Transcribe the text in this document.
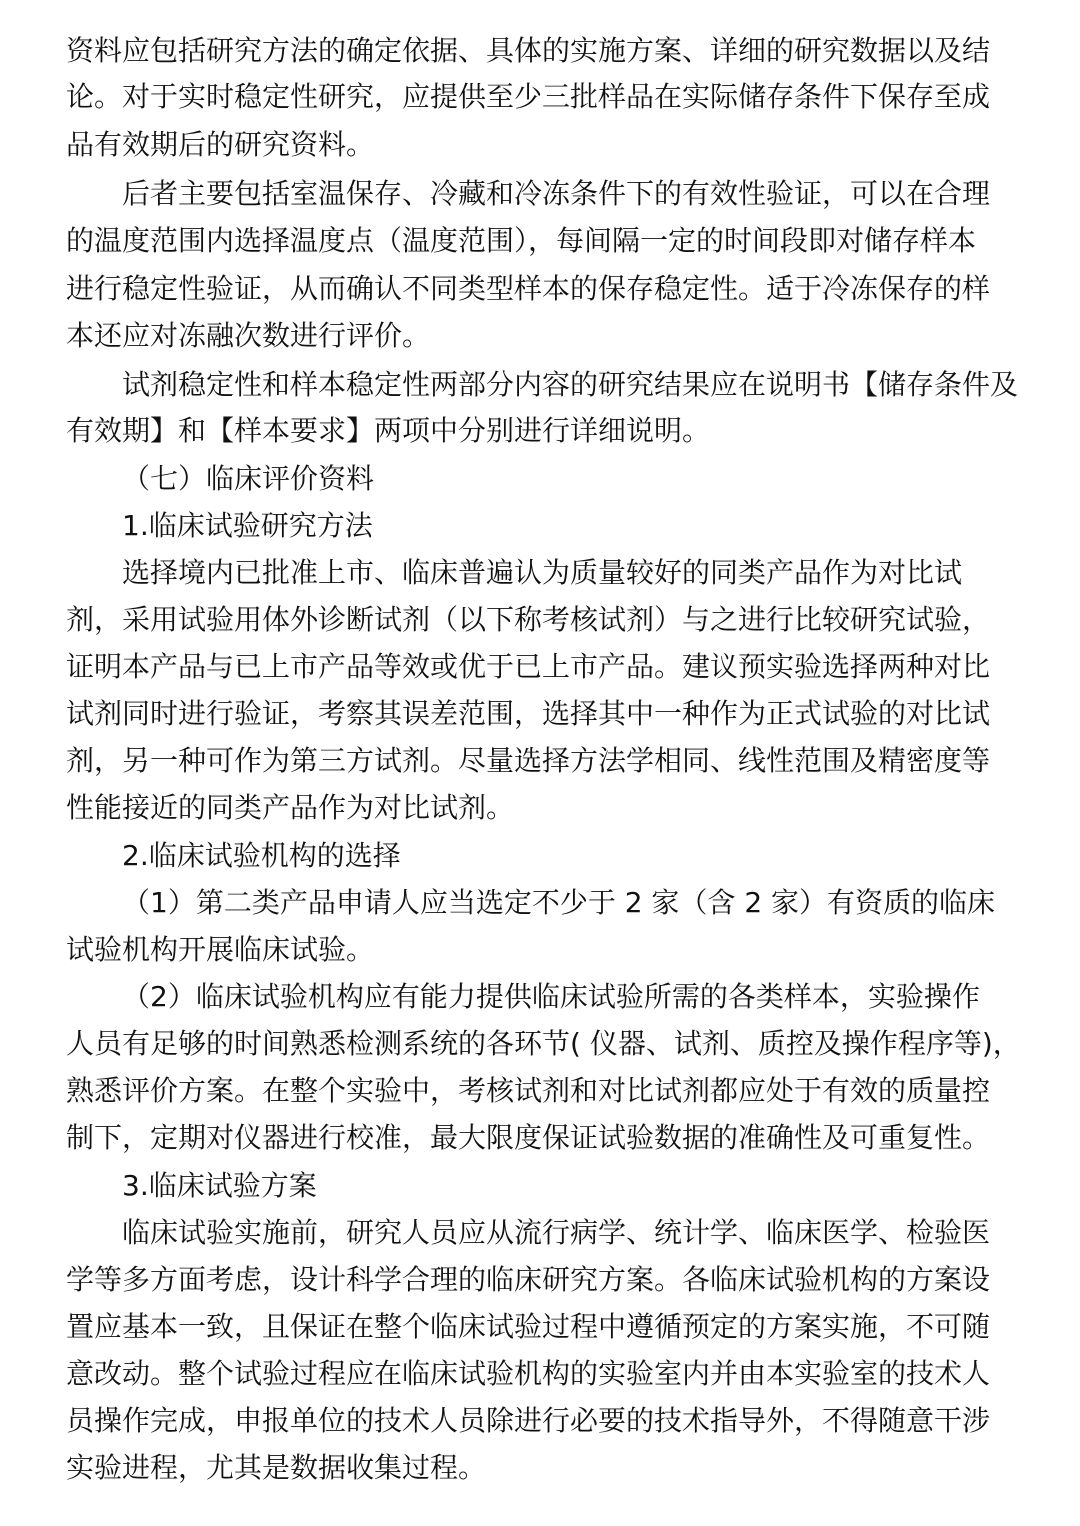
资料应包括研究方法的确定依据、具体的实施方案、详细的研究数据以及结
论。对于实时稳定性研究，应提供至少三批样品在实际储存条件下保存至成
品有效期后的研究资料。
后者主要包括室温保存、冷藏和冷冻条件下的有效性验证，可以在合理
的温度范围内选择温度点（温度范围），每间隔一定的时间段即对储存样本
进行稳定性验证，从而确认不同类型样本的保存稳定性。适于冷冻保存的样
本还应对冻融次数进行评价。
试剂稳定性和样本稳定性两部分内容的研究结果应在说明书【储存条件及
有效期】和【样本要求】两项中分别进行详细说明。
（七）临床评价资料
1.临床试验研究方法
选择境内已批准上市、临床普遍认为质量较好的同类产品作为对比试
剂，采用试验用体外诊断试剂（以下称考核试剂）与之进行比较研究试验，
证明本产品与已上市产品等效或优于已上市产品。建议预实验选择两种对比
试剂同时进行验证，考察其误差范围，选择其中一种作为正式试验的对比试
剂，另一种可作为第三方试剂。尽量选择方法学相同、线性范围及精密度等
性能接近的同类产品作为对比试剂。
2.临床试验机构的选择
（1）第二类产品申请人应当选定不少于 2 家（含 2 家）有资质的临床
试验机构开展临床试验。
（2）临床试验机构应有能力提供临床试验所需的各类样本，实验操作
人员有足够的时间熟悉检测系统的各环节( 仪器、试剂、质控及操作程序等)，
熟悉评价方案。在整个实验中，考核试剂和对比试剂都应处于有效的质量控
制下，定期对仪器进行校准，最大限度保证试验数据的准确性及可重复性。
3.临床试验方案
临床试验实施前，研究人员应从流行病学、统计学、临床医学、检验医
学等多方面考虑，设计科学合理的临床研究方案。各临床试验机构的方案设
置应基本一致，且保证在整个临床试验过程中遵循预定的方案实施，不可随
意改动。整个试验过程应在临床试验机构的实验室内并由本实验室的技术人
员操作完成，申报单位的技术人员除进行必要的技术指导外，不得随意干涉
实验进程，尤其是数据收集过程。
